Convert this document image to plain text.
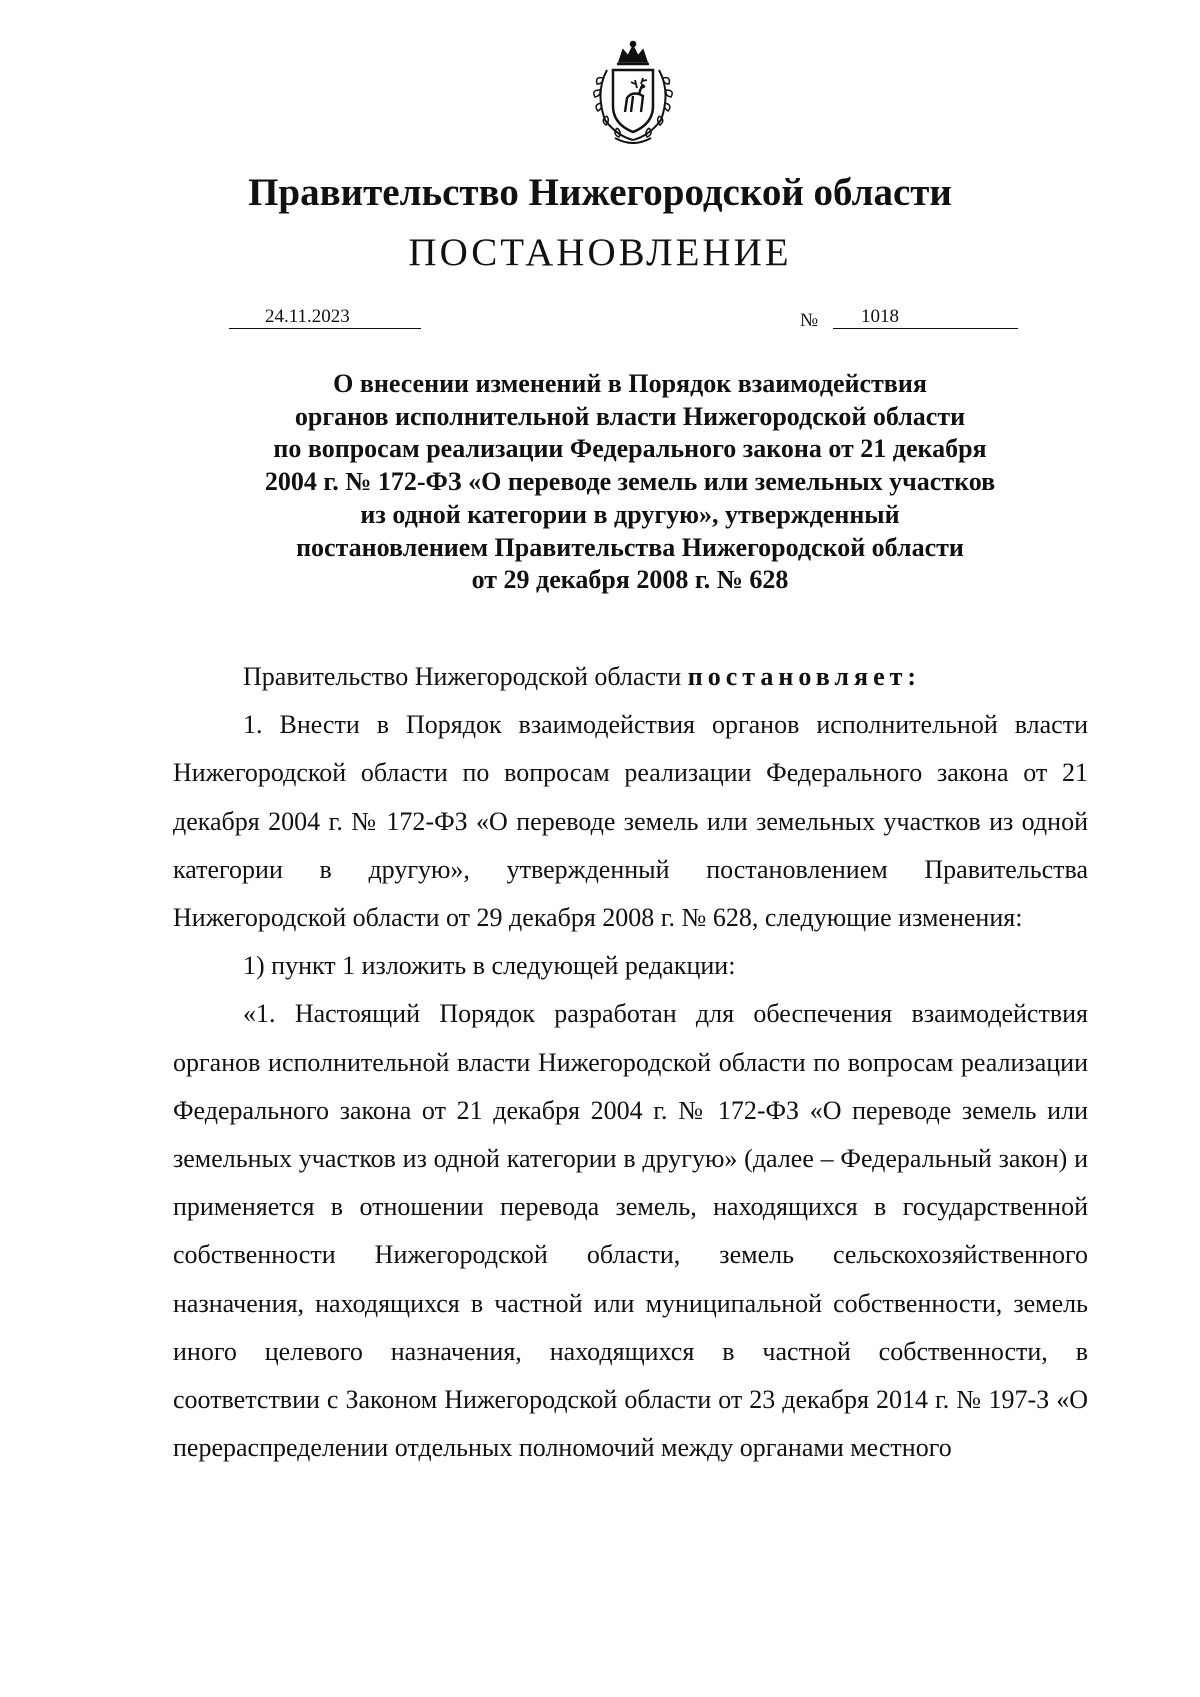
Правительство Нижегородской области
ПОСТАНОВЛЕНИЕ
24.11.2023	№	1018
О внесении изменений в Порядок взаимодействия
органов исполнительной власти Нижегородской области
по вопросам реализации Федерального закона от 21 декабря
2004 г. № 172-ФЗ «О переводе земель или земельных участков
из одной категории в другую», утвержденный
постановлением Правительства Нижегородской области
от 29 декабря 2008 г. № 628

Правительство Нижегородской области постановляет:

1. Внести в Порядок взаимодействия органов исполнительной власти Нижегородской области по вопросам реализации Федерального закона от 21 декабря 2004 г. № 172-ФЗ «О переводе земель или земельных участков из одной категории в другую», утвержденный постановлением Правительства Нижегородской области от 29 декабря 2008 г. № 628, следующие изменения:

1) пункт 1 изложить в следующей редакции:

«1. Настоящий Порядок разработан для обеспечения взаимодействия органов исполнительной власти Нижегородской области по вопросам реализации Федерального закона от 21 декабря 2004 г. № 172-ФЗ «О переводе земель или земельных участков из одной категории в другую» (далее – Федеральный закон) и применяется в отношении перевода земель, находящихся в государственной собственности Нижегородской области, земель сельскохозяйственного назначения, находящихся в частной или муниципальной собственности, земель иного целевого назначения, находящихся в частной собственности, в соответствии с Законом Нижегородской области от 23 декабря 2014 г. № 197-З «О перераспределении отдельных полномочий между органами местного
